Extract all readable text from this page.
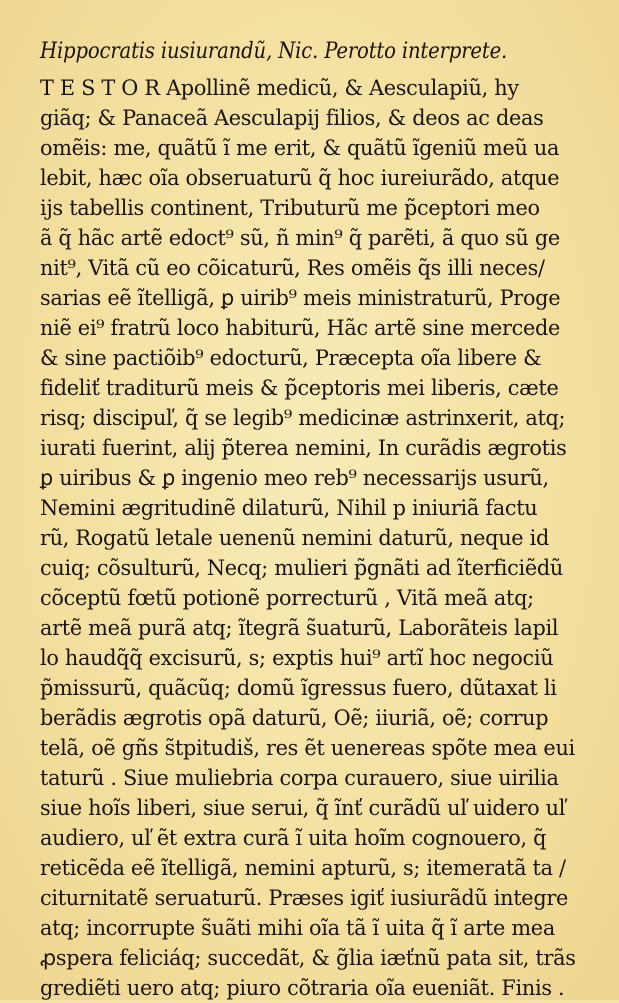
Hippocratis iusiurandũ, Nic. Perotto interprete.
T E S T O R Apollinẽ medicũ, & Aesculapiũ, hy
giãq; & Panaceã Aesculapij filios, & deos ac deas
omẽis: me, quãtũ ĩ me erit, & quãtũ ĩgeniũ meũ ua
lebit, hæc oĩa obseruaturũ q̃ hoc iureiurãdo, atque
ijs tabellis continent, Tributurũ me p̃ceptori meo
ã q̃ hãc artẽ edoct⁹ sũ, ñ min⁹ q̃ parẽti, ã quo sũ ge
nit⁹, Vitã cũ eo cõicaturũ, Res omẽis q̃s illi neces/
sarias eẽ ĩtelligã, ꝑ uirib⁹ meis ministraturũ, Proge
niẽ ei⁹ fratrũ loco habiturũ, Hãc artẽ sine mercede
& sine pactiõib⁹ edocturũ, Præcepta oĩa libere &
fideliť traditurũ meis & p̃ceptoris mei liberis, cæte
risq; discipuľ, q̃ se legib⁹ medicinæ astrinxerit, atq;
iurati fuerint, alij p̃terea nemini, In curãdis ægrotis
ꝑ uiribus & ꝑ ingenio meo reb⁹ necessarijs usurũ,
Nemini ægritudinẽ dilaturũ, Nihil p iniuriã factu
rũ, Rogatũ letale uenenũ nemini daturũ, neque id
cuiq; cõsulturũ, Necq; mulieri p̃gnãti ad ĩterficiẽdũ
cõceptũ fœtũ potionẽ porrecturũ , Vitã meã atq;
artẽ meã purã atq; ĩtegrã s̃uaturũ, Laborãteis lapil
lo haudq̃q̃ excisurũ, s; exptis hui⁹ artĩ hoc negociũ
p̃missurũ, quãcũq; domũ ĩgressus fuero, dũtaxat li
berãdis ægrotis opã daturũ, Oẽ; iiuriã, oẽ; corrup
telã, oẽ gñs s̃tpitudiš, res ẽt uenereas spõte mea eui
taturũ . Siue muliebria corpa curauero, siue uirilia
siue hoĩs liberi, siue serui, q̃ ĩnť curãdũ uľ uidero uľ
audiero, uľ ẽt extra curã ĩ uita hoĩm cognouero, q̃
reticẽda eẽ ĩtelligã, nemini apturũ, s; itemeratã ta /
citurnitatẽ seruaturũ. Præses igiť iusiurãdũ integre
atq; incorrupte s̃uãti mihi oĩa tã ĩ uita q̃ ĩ arte mea
ꝓspera feliciáq; succedãt, & g̃lia iæťnũ pata sit, trãs
grediẽti uero atq; piuro cõtraria oĩa eueniãt. Finis .
